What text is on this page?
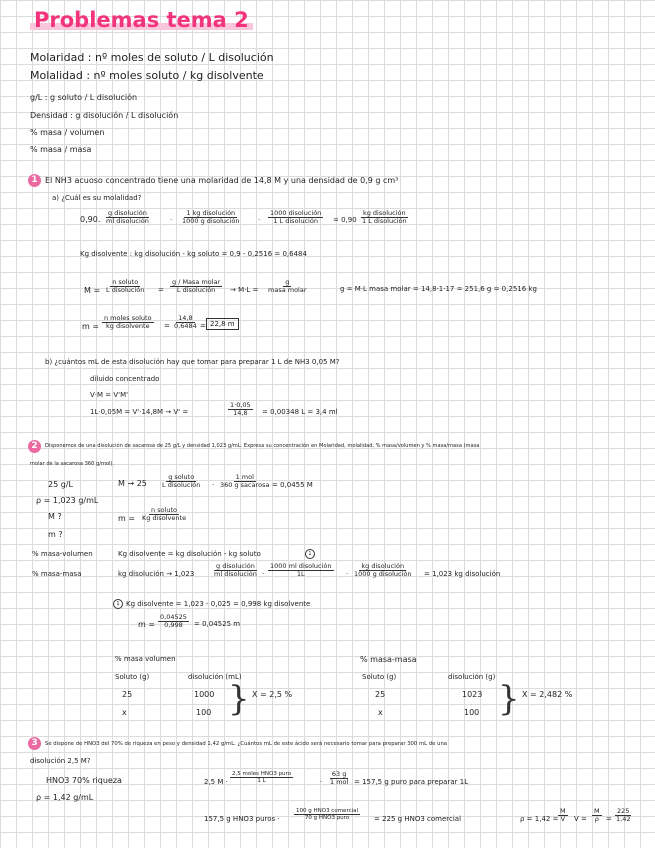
Problemas tema 2
Molaridad : nº moles de soluto / L disolución
Molalidad : nº moles soluto / kg disolvente
g/L : g soluto / L disolución
Densidad : g disolución / L disolución
% masa / volumen
% masa / masa
1 El NH3 acuoso concentrado tiene una molaridad de 14,8 M y una densidad de 0,9 g cm³
a) ¿Cuál es su molalidad?
0,90.
g disolución
ml disolución	·
1 kg disolución
1000 g disolución	·
1000 disolución
1 L disolución = 0,90
kg disolución
1 L disolución
Kg disolvente : kg disolución - kg soluto = 0,9 - 0,2516 = 0,6484
M =
n soluto
L disolución =
g / Masa molar
L disolución → M·L =
g
masa molar	g = M·L masa molar = 14,8·1·17 = 251,6 g = 0,2516 kg
m =
n moles soluto
kg disolvente = $\frac{14,8}{0,6484} = 22,8$ m
b) ¿cuántos mL de esta disolución hay que tomar para preparar 1 L de NH3 0,05 M?
diluido concentrado
V·M = V'M'
1L·0,05M = V'·14,8M → V' =	$\frac{1\cdot 0,05}{14,8} = 0,00348$ L = 3,4 ml
2 Disponemos de una disolución de sacarosa de 25 g/L y densidad 1,023 g/mL. Expresa su concentración en Molaridad, molalidad, % masa/volumen y % masa/masa (masa
molar de la sacarosa 360 g/mol).
25 g/L
ρ = 1,023 g/mL
M ?
m ?
M → 25
g soluto
L disolución ·
1 mol
360 g sacarosa = 0,0455 M
m =
n soluto
Kg disolvente
% masa-volumen	Kg disolvente = kg disolución - kg soluto	1
% masa-masa	kg disolución → 1,023
g disolución
ml disolución ·
1000 ml disolución
1L	·
kg disolución
1000 g disolución = 1,023 kg disolución
1 Kg disolvente = 1,023 - 0,025 = 0,998 kg disolvente
$m = \frac{0,04525}{0,998} = 0,04525$ m
% masa volumen
Soluto (g)	disolución (mL)
25	1000
x	100 } X = 2,5 %
% masa-masa
Soluto (g)	disolución (g)
25	1023
x	100 } X = 2,482 %
3 Se dispone de HNO3 del 70% de riqueza en peso y densidad 1,42 g/mL. ¿Cuántos mL de este ácido será necesario tomar para preparar 300 mL de una
disolución 2,5 M?
HNO3 70% riqueza
ρ = 1,42 g/mL
2,5 M ·
2,5 moles HNO3 puro
1 L	·
63 g
1 mol = 157,5 g puro para preparar 1L
157,5 g HNO3 puros ·
100 g HNO3 comercial
70 g HNO3 puro	= 225 g HNO3 comercial	$\rho = 1,42 = \frac{M}{V}$ $V = \frac{M}{\rho} = \frac{225}{1,42}$
